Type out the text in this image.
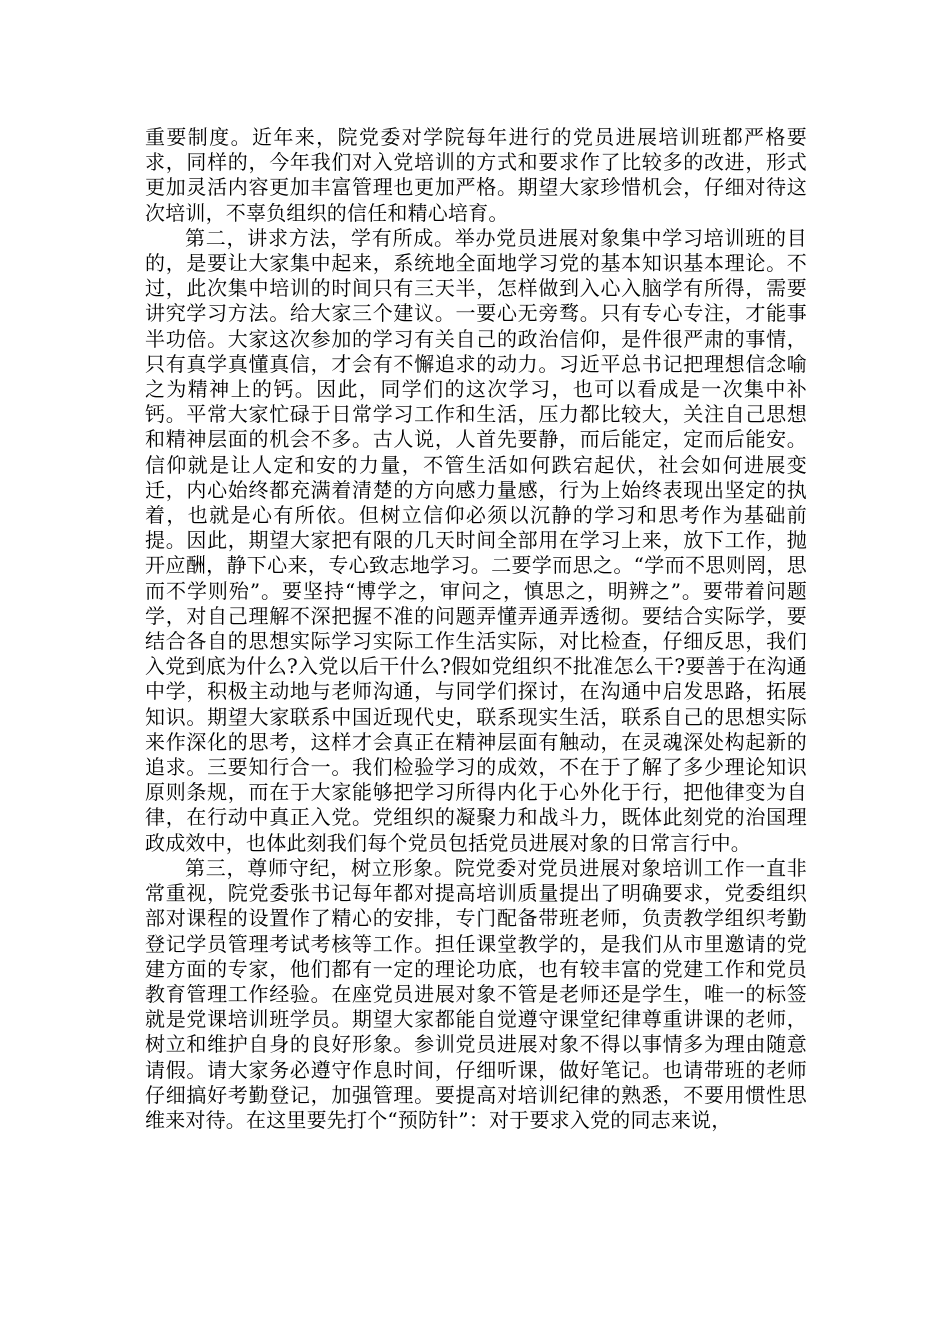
重要制度。近年来，院党委对学院每年进行的党员进展培训班都严格要求，同样的，今年我们对入党培训的方式和要求作了比较多的改进，形式更加灵活内容更加丰富管理也更加严格。期望大家珍惜机会，仔细对待这次培训，不辜负组织的信任和精心培育。

第二，讲求方法，学有所成。举办党员进展对象集中学习培训班的目的，是要让大家集中起来，系统地全面地学习党的基本知识基本理论。不过，此次集中培训的时间只有三天半，怎样做到入心入脑学有所得，需要讲究学习方法。给大家三个建议。一要心无旁骛。只有专心专注，才能事半功倍。大家这次参加的学习有关自己的政治信仰，是件很严肃的事情，只有真学真懂真信，才会有不懈追求的动力。习近平总书记把理想信念喻之为精神上的钙。因此，同学们的这次学习，也可以看成是一次集中补钙。平常大家忙碌于日常学习工作和生活，压力都比较大，关注自己思想和精神层面的机会不多。古人说，人首先要静，而后能定，定而后能安。信仰就是让人定和安的力量，不管生活如何跌宕起伏，社会如何进展变迁，内心始终都充满着清楚的方向感力量感，行为上始终表现出坚定的执着，也就是心有所依。但树立信仰必须以沉静的学习和思考作为基础前提。因此，期望大家把有限的几天时间全部用在学习上来，放下工作，抛开应酬，静下心来，专心致志地学习。二要学而思之。“学而不思则罔，思而不学则殆”。要坚持“博学之，审问之，慎思之，明辨之”。要带着问题学，对自己理解不深把握不准的问题弄懂弄通弄透彻。要结合实际学，要结合各自的思想实际学习实际工作生活实际，对比检查，仔细反思，我们入党到底为什么?入党以后干什么?假如党组织不批准怎么干?要善于在沟通中学，积极主动地与老师沟通，与同学们探讨，在沟通中启发思路，拓展知识。期望大家联系中国近现代史，联系现实生活，联系自己的思想实际来作深化的思考，这样才会真正在精神层面有触动，在灵魂深处构起新的追求。三要知行合一。我们检验学习的成效，不在于了解了多少理论知识原则条规，而在于大家能够把学习所得内化于心外化于行，把他律变为自律，在行动中真正入党。党组织的凝聚力和战斗力，既体此刻党的治国理政成效中，也体此刻我们每个党员包括党员进展对象的日常言行中。

第三，尊师守纪，树立形象。院党委对党员进展对象培训工作一直非常重视，院党委张书记每年都对提高培训质量提出了明确要求，党委组织部对课程的设置作了精心的安排，专门配备带班老师，负责教学组织考勤登记学员管理考试考核等工作。担任课堂教学的，是我们从市里邀请的党建方面的专家，他们都有一定的理论功底，也有较丰富的党建工作和党员教育管理工作经验。在座党员进展对象不管是老师还是学生，唯一的标签就是党课培训班学员。期望大家都能自觉遵守课堂纪律尊重讲课的老师，树立和维护自身的良好形象。参训党员进展对象不得以事情多为理由随意请假。请大家务必遵守作息时间，仔细听课，做好笔记。也请带班的老师仔细搞好考勤登记，加强管理。要提高对培训纪律的熟悉，不要用惯性思维来对待。在这里要先打个“预防针”：对于要求入党的同志来说，
